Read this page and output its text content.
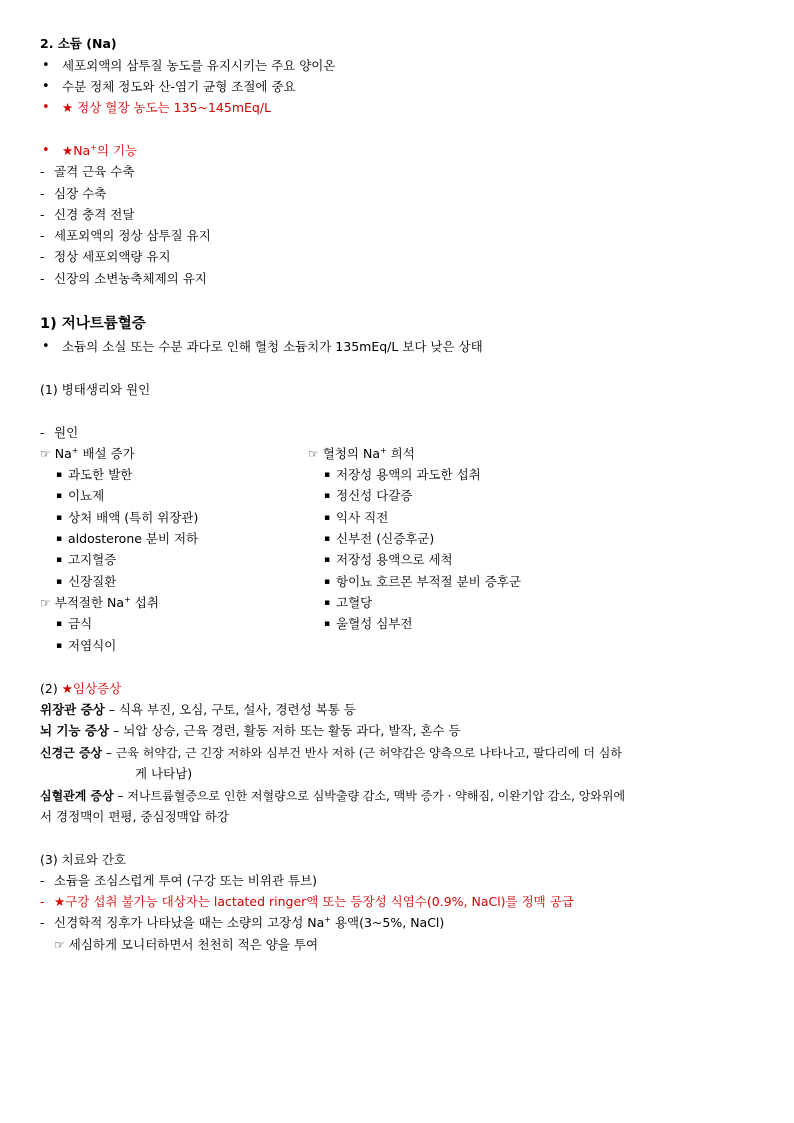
2. 소듐 (Na)
• 세포외액의 삼투질 농도를 유지시키는 주요 양이온
• 수분 정체 정도와 산-염기 균형 조절에 중요
• ★ 정상 혈장 농도는 135~145mEq/L
• ★Na+의 기능
- 골격 근육 수축
- 심장 수축
- 신경 충격 전달
- 세포외액의 정상 삼투질 유지
- 정상 세포외액량 유지
- 신장의 소변농축체제의 유지
1) 저나트륨혈증
• 소듐의 소실 또는 수분 과다로 인해 혈청 소듐치가 135mEq/L 보다 낮은 상태
(1) 병태생리와 원인
- 원인
☞ Na+ 배설 증가
▪ 과도한 발한
▪ 이뇨제
▪ 상처 배액 (특히 위장관)
▪ aldosterone 분비 저하
▪ 고지혈증
▪ 신장질환
☞ 부적절한 Na+ 섭취
▪ 금식
▪ 저염식이
☞ 혈청의 Na+ 희석
▪ 저장성 용액의 과도한 섭취
▪ 정신성 다갈증
▪ 익사 직전
▪ 신부전 (신증후군)
▪ 저장성 용액으로 세척
▪ 항이뇨 호르몬 부적절 분비 증후군
▪ 고혈당
▪ 울혈성 심부전
(2) ★임상증상
위장관 증상 – 식욕 부진, 오심, 구토, 설사, 경련성 복통 등
뇌 기능 증상 – 뇌압 상승, 근육 경련, 활동 저하 또는 활동 과다, 발작, 혼수 등
신경근 증상 – 근육 허약감, 근 긴장 저하와 심부건 반사 저하 (근 허약감은 양측으로 나타나고, 팔다리에 더 심하
게 나타남)
심혈관계 증상 – 저나트륨혈증으로 인한 저혈량으로 심박출량 감소, 맥박 증가 · 약해짐, 이완기압 감소, 앙와위에
서 경정맥이 편평, 중심정맥압 하강
(3) 치료와 간호
- 소듐을 조심스럽게 투여 (구강 또는 비위관 튜브)
- ★구강 섭취 불가능 대상자는 lactated ringer액 또는 등장성 식염수(0.9%, NaCl)를 정맥 공급
- 신경학적 징후가 나타났을 때는 소량의 고장성 Na+ 용액(3~5%, NaCl)
☞ 세심하게 모니터하면서 천천히 적은 양을 투여
